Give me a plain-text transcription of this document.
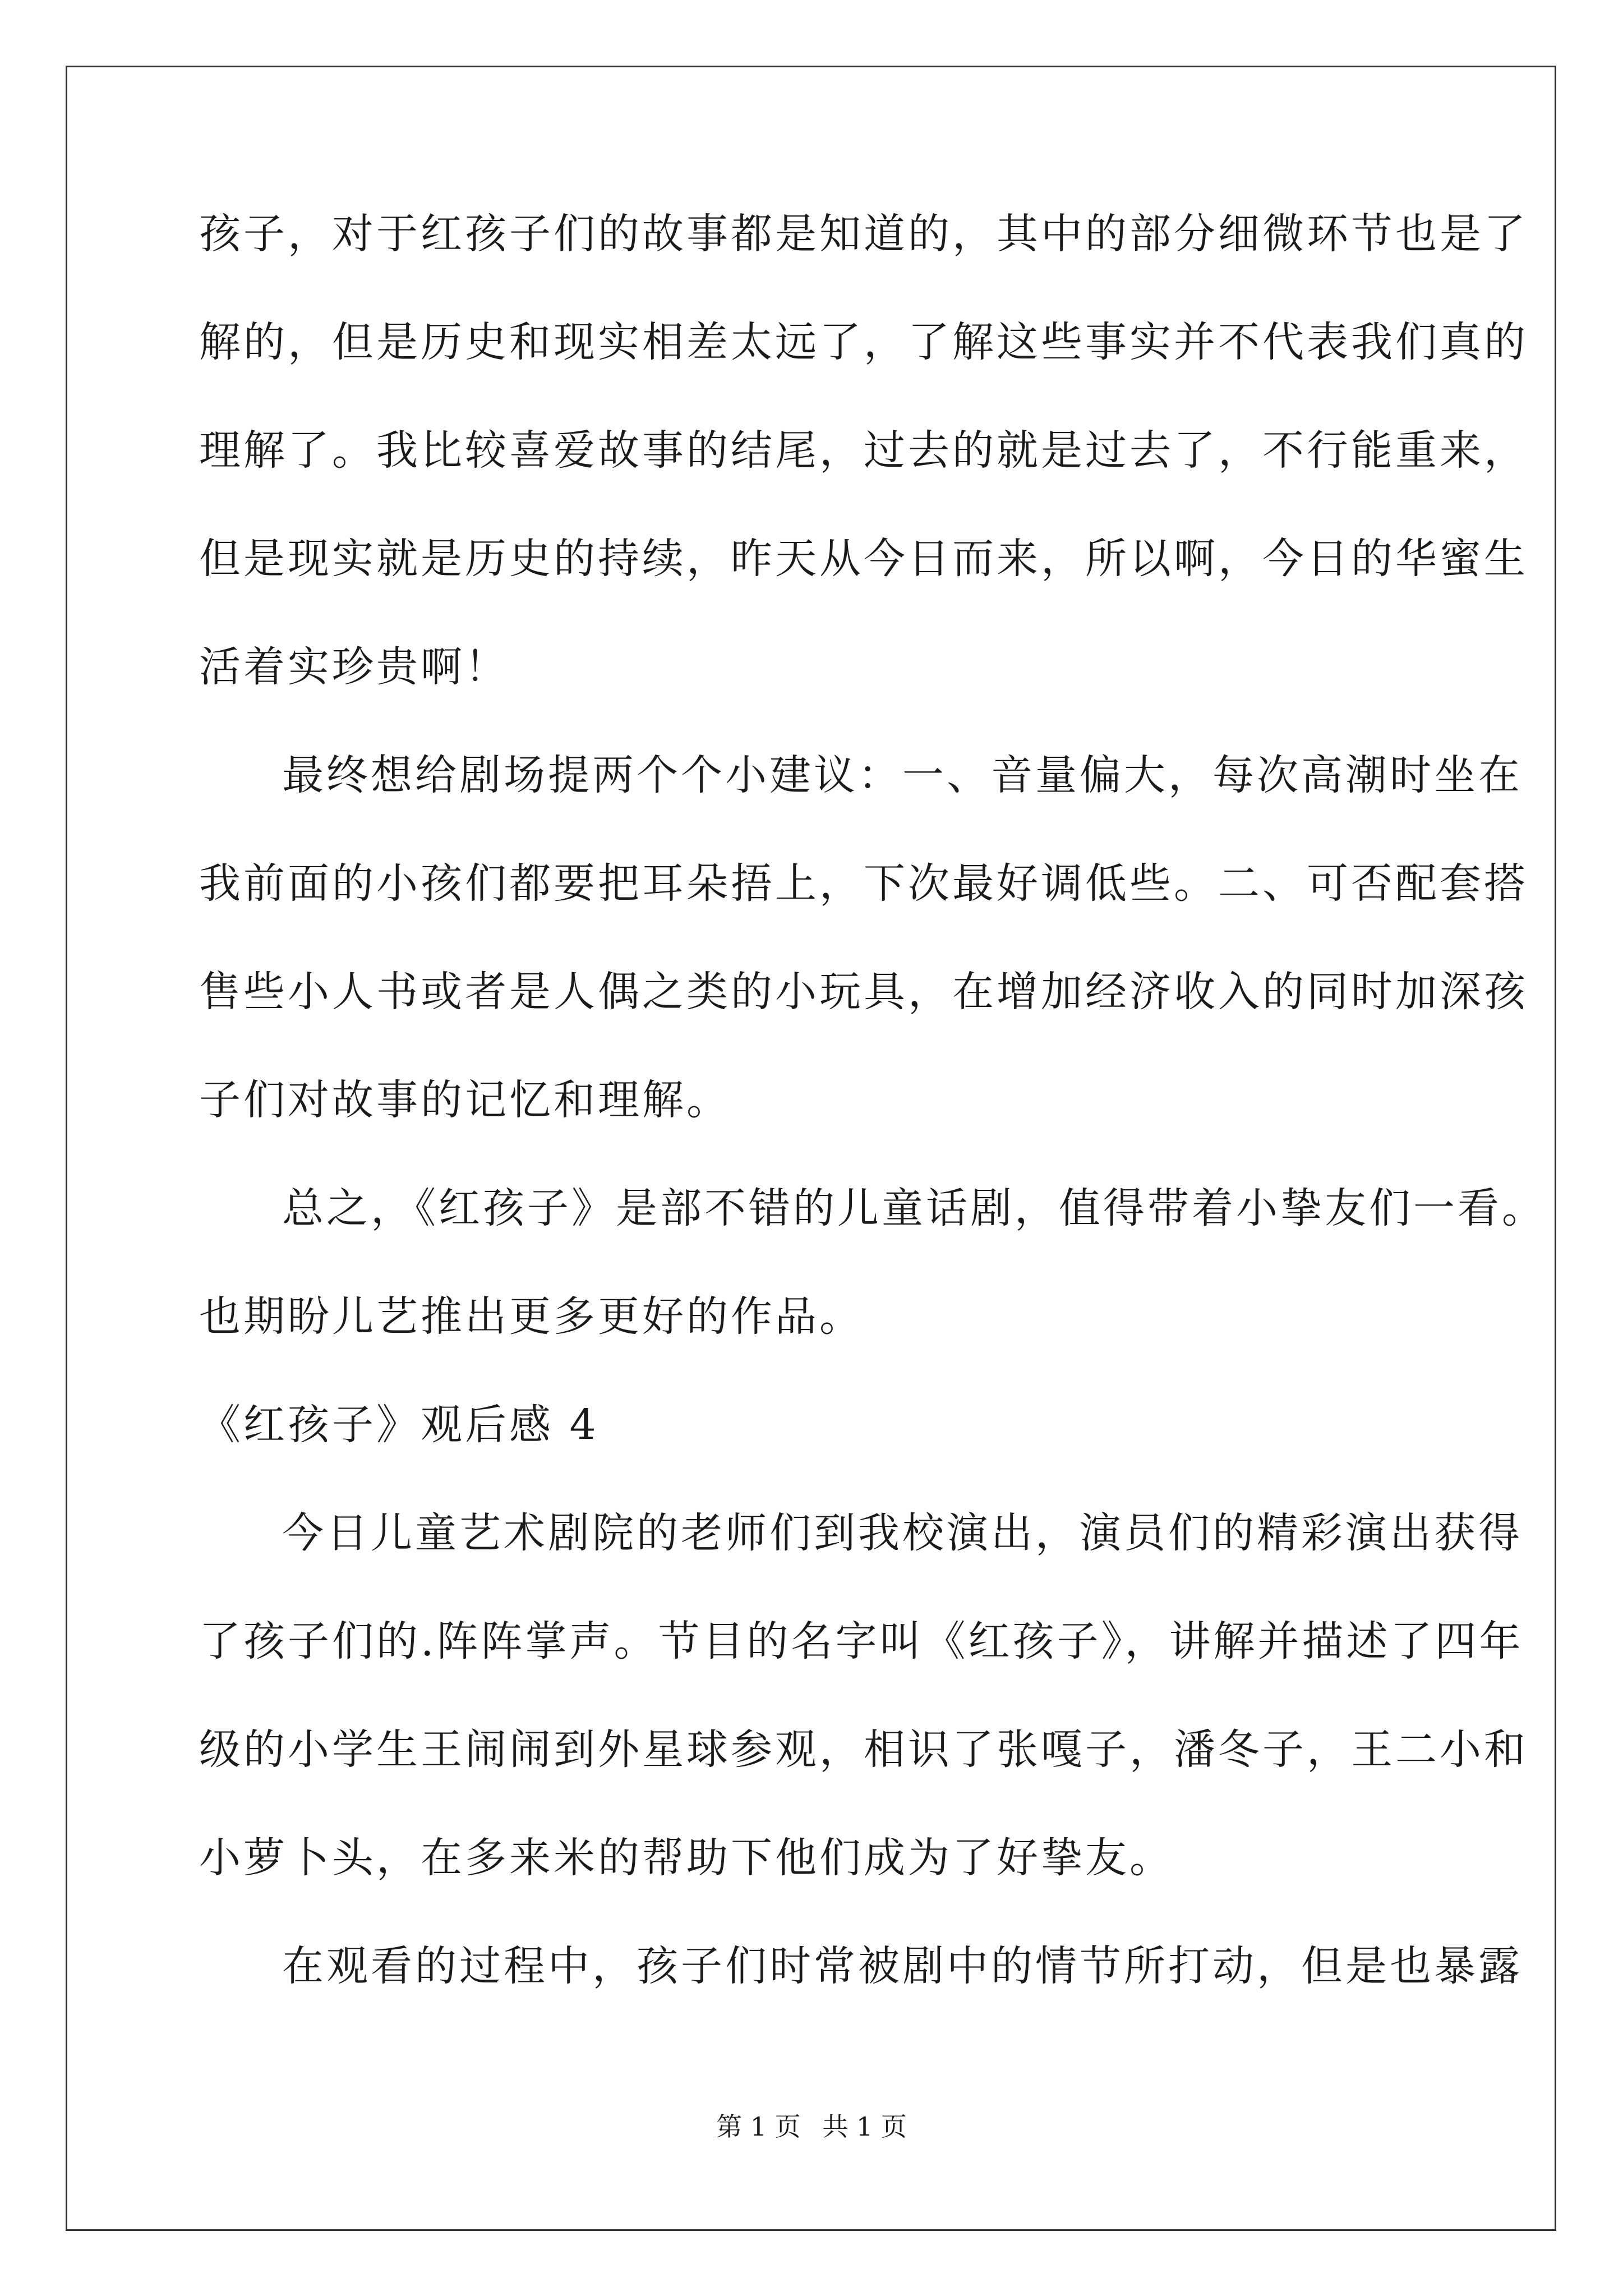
孩子，对于红孩子们的故事都是知道的，其中的部分细微环节也是了
解的，但是历史和现实相差太远了，了解这些事实并不代表我们真的
理解了。我比较喜爱故事的结尾，过去的就是过去了，不行能重来，
但是现实就是历史的持续，昨天从今日而来，所以啊，今日的华蜜生
活着实珍贵啊！
最终想给剧场提两个个小建议：一、音量偏大，每次高潮时坐在
我前面的小孩们都要把耳朵捂上，下次最好调低些。二、可否配套搭
售些小人书或者是人偶之类的小玩具，在增加经济收入的同时加深孩
子们对故事的记忆和理解。
总之，《红孩子》是部不错的儿童话剧，值得带着小挚友们一看。
也期盼儿艺推出更多更好的作品。
《红孩子》观后感 4
今日儿童艺术剧院的老师们到我校演出，演员们的精彩演出获得
了孩子们的.阵阵掌声。节目的名字叫《红孩子》，讲解并描述了四年
级的小学生王闹闹到外星球参观，相识了张嘎子，潘冬子，王二小和
小萝卜头，在多来米的帮助下他们成为了好挚友。
在观看的过程中，孩子们时常被剧中的情节所打动，但是也暴露
第 1 页 共 1 页
